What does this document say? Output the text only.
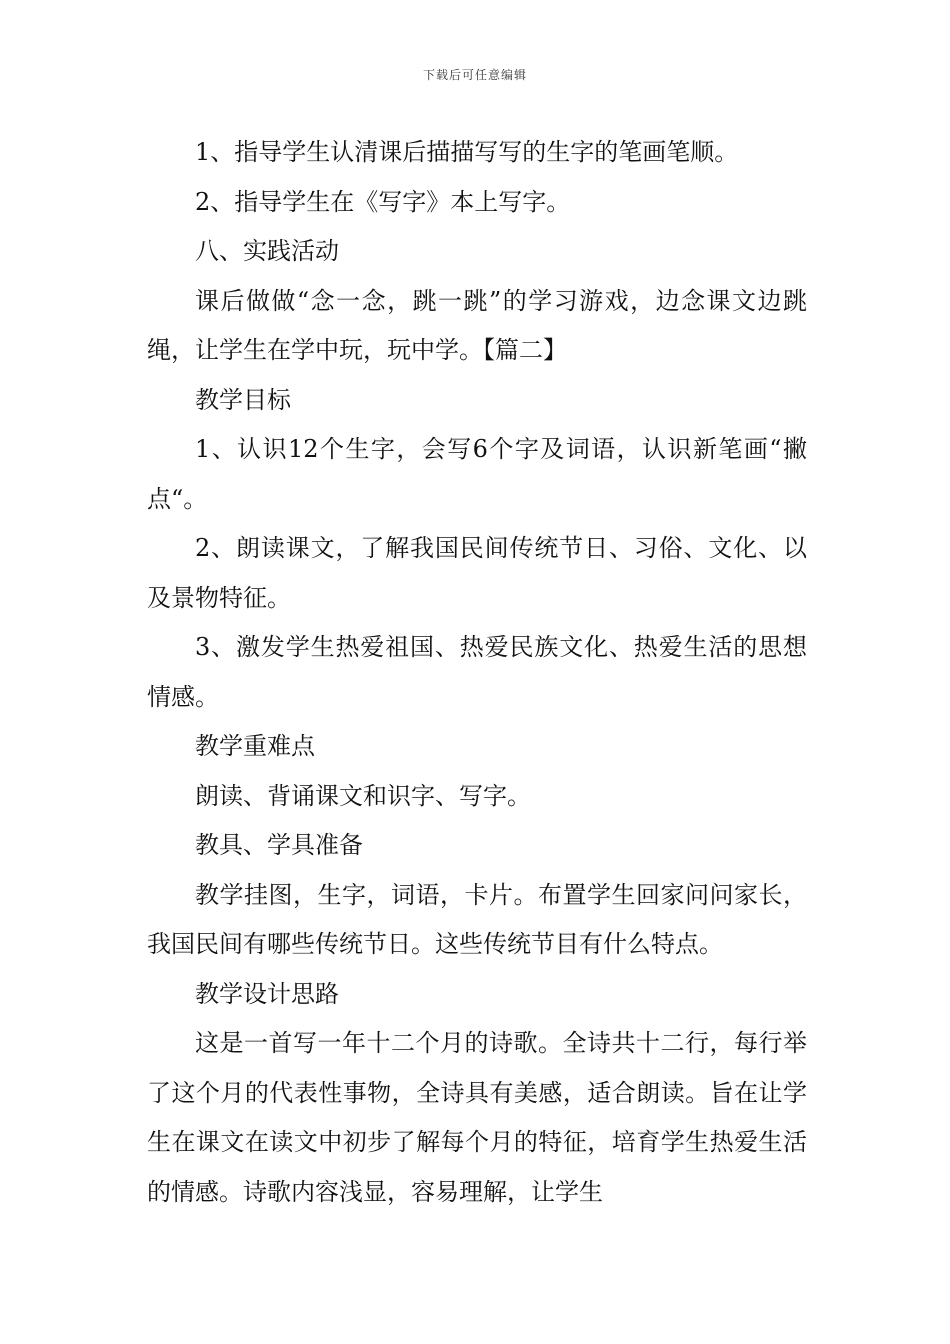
下载后可任意编辑

1、指导学生认清课后描描写写的生字的笔画笔顺。

2、指导学生在《写字》本上写字。

八、实践活动

课后做做“念一念，跳一跳”的学习游戏，边念课文边跳绳，让学生在学中玩，玩中学。【篇二】

教学目标

1、认识12个生字，会写6个字及词语，认识新笔画“撇点“。

2、朗读课文，了解我国民间传统节日、习俗、文化、以及景物特征。

3、激发学生热爱祖国、热爱民族文化、热爱生活的思想情感。

教学重难点

朗读、背诵课文和识字、写字。

教具、学具准备

教学挂图，生字，词语，卡片。布置学生回家问问家长，我国民间有哪些传统节日。这些传统节目有什么特点。

教学设计思路

这是一首写一年十二个月的诗歌。全诗共十二行，每行举了这个月的代表性事物，全诗具有美感，适合朗读。旨在让学生在课文在读文中初步了解每个月的特征，培育学生热爱生活的情感。诗歌内容浅显，容易理解，让学生
